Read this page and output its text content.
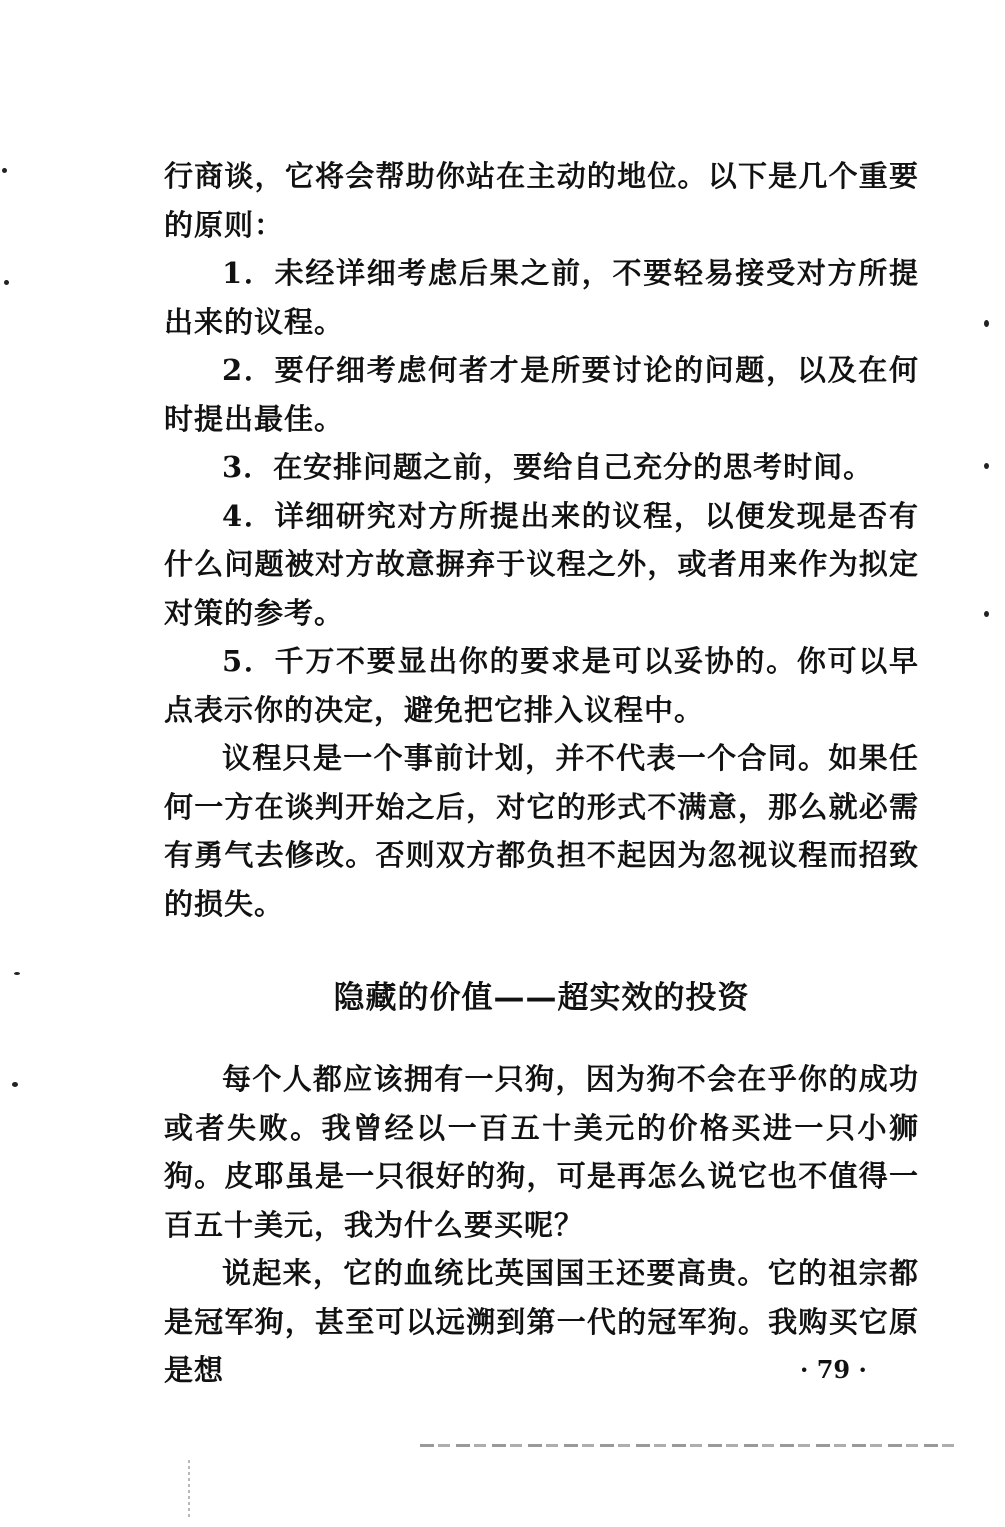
行商谈，它将会帮助你站在主动的地位。以下是几个重要的原则：

1．未经详细考虑后果之前，不要轻易接受对方所提出来的议程。

2．要仔细考虑何者才是所要讨论的问题，以及在何时提出最佳。

3．在安排问题之前，要给自己充分的思考时间。

4．详细研究对方所提出来的议程，以便发现是否有什么问题被对方故意摒弃于议程之外，或者用来作为拟定对策的参考。

5．千万不要显出你的要求是可以妥协的。你可以早点表示你的决定，避免把它排入议程中。

议程只是一个事前计划，并不代表一个合同。如果任何一方在谈判开始之后，对它的形式不满意，那么就必需有勇气去修改。否则双方都负担不起因为忽视议程而招致的损失。

隐藏的价值——超实效的投资

每个人都应该拥有一只狗，因为狗不会在乎你的成功或者失败。我曾经以一百五十美元的价格买进一只小狮狗。皮耶虽是一只很好的狗，可是再怎么说它也不值得一百五十美元，我为什么要买呢？

说起来，它的血统比英国国王还要高贵。它的祖宗都是冠军狗，甚至可以远溯到第一代的冠军狗。我购买它原是想	· 79 ·
